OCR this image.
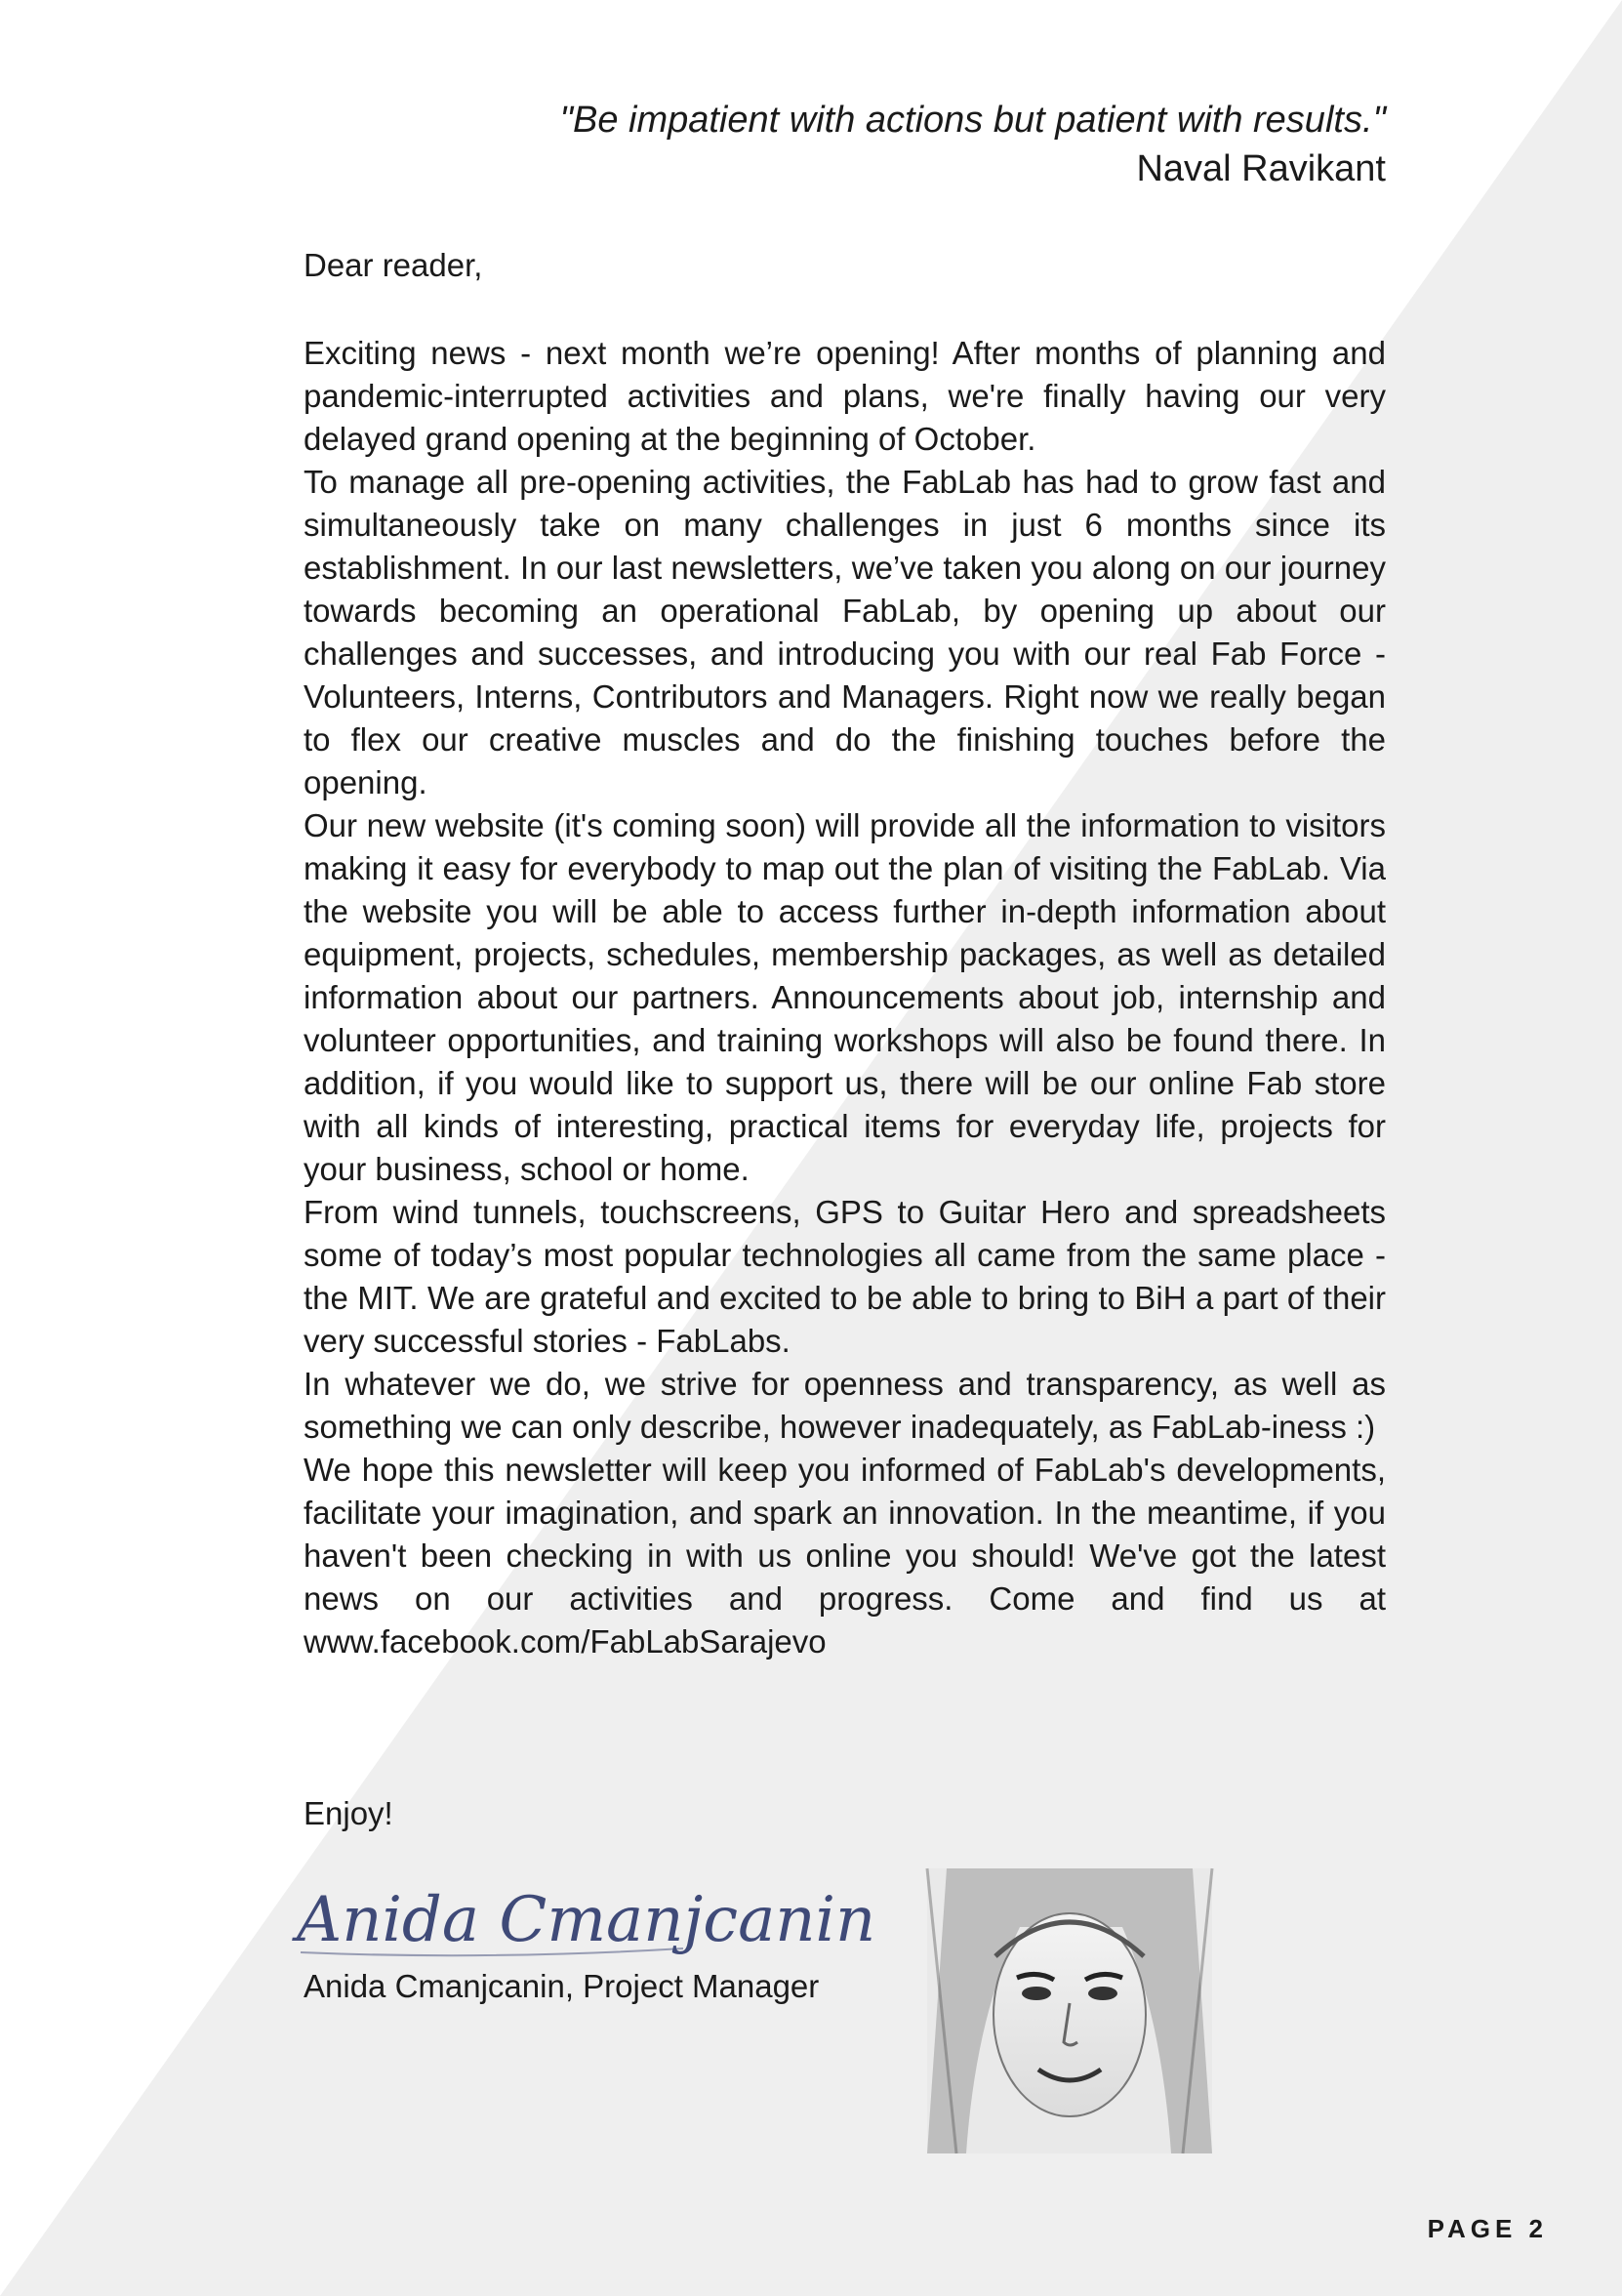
"Be impatient with actions but patient with results."
Naval Ravikant
Dear reader,

Exciting news - next month we’re opening! After months of planning and pandemic-interrupted activities and plans, we're finally having our very delayed grand opening at the beginning of October.

To manage all pre-opening activities, the FabLab has had to grow fast and simultaneously take on many challenges in just 6 months since its establishment. In our last newsletters, we’ve taken you along on our journey towards becoming an operational FabLab, by opening up about our challenges and successes, and introducing you with our real Fab Force - Volunteers, Interns, Contributors and Managers. Right now we really began to flex our creative muscles and do the finishing touches before the opening.

Our new website (it's coming soon) will provide all the information to visitors making it easy for everybody to map out the plan of visiting the FabLab. Via the website you will be able to access further in-depth information about equipment, projects, schedules, membership packages, as well as detailed information about our partners. Announcements about job, internship and volunteer opportunities, and training workshops will also be found there. In addition, if you would like to support us, there will be our online Fab store with all kinds of interesting, practical items for everyday life, projects for your business, school or home.

From wind tunnels, touchscreens, GPS to Guitar Hero and spreadsheets some of today’s most popular technologies all came from the same place - the MIT. We are grateful and excited to be able to bring to BiH a part of their very successful stories - FabLabs.

In whatever we do, we strive for openness and transparency, as well as something we can only describe, however inadequately, as FabLab-iness :)

We hope this newsletter will keep you informed of FabLab's developments, facilitate your imagination, and spark an innovation. In the meantime, if you haven't been checking in with us online you should! We've got the latest news on our activities and progress. Come and find us at www.facebook.com/FabLabSarajevo

Enjoy!
Anida Cmanjcanin
Anida Cmanjcanin, Project Manager
PAGE 2
